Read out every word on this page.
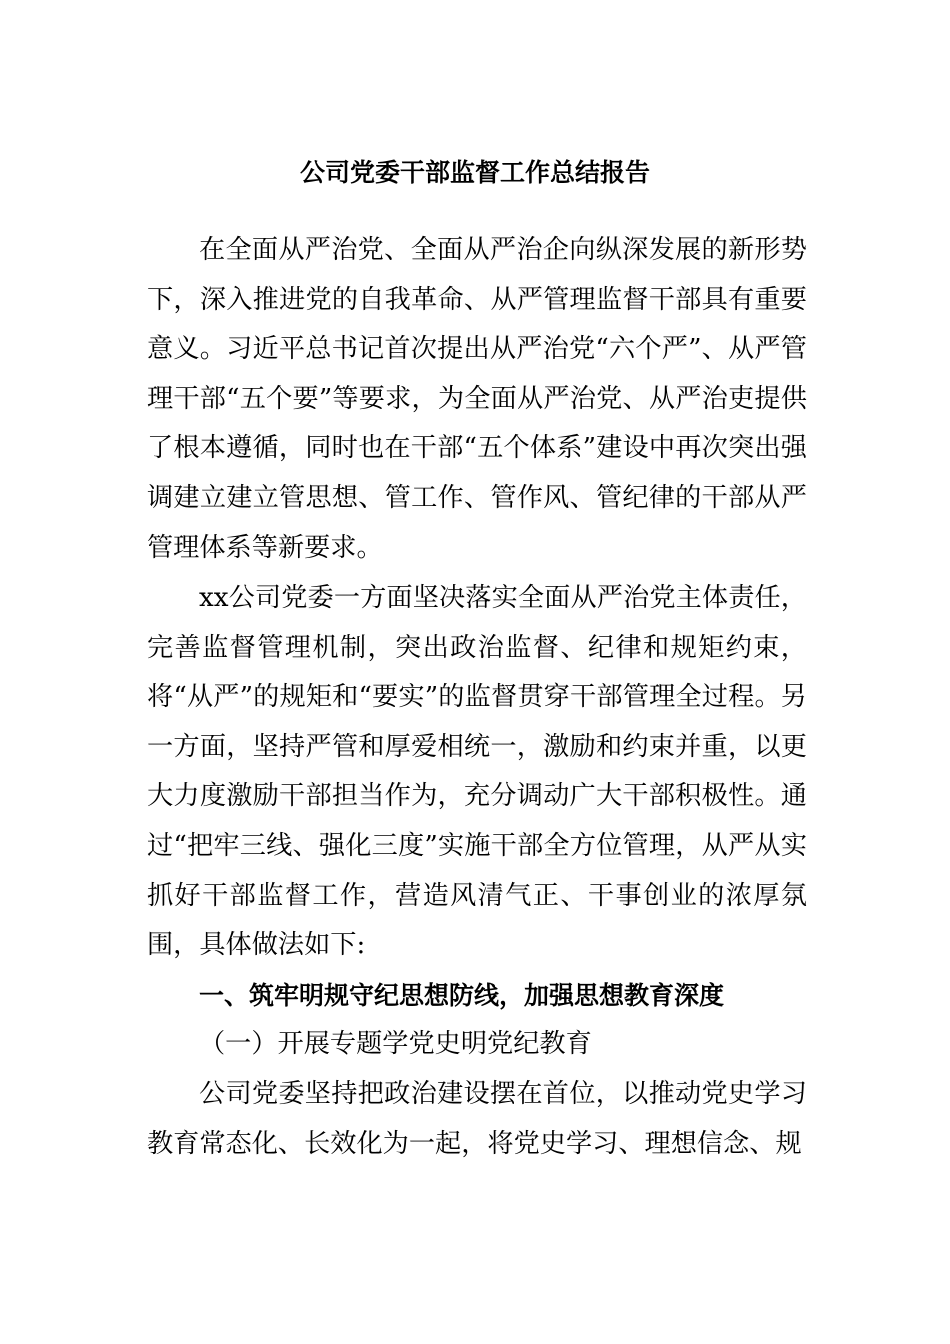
公司党委干部监督工作总结报告

在全面从严治党、全面从严治企向纵深发展的新形势下，深入推进党的自我革命、从严管理监督干部具有重要意义。习近平总书记首次提出从严治党“六个严”、从严管理干部“五个要”等要求，为全面从严治党、从严治吏提供了根本遵循，同时也在干部“五个体系”建设中再次突出强调建立建立管思想、管工作、管作风、管纪律的干部从严管理体系等新要求。

xx公司党委一方面坚决落实全面从严治党主体责任，完善监督管理机制，突出政治监督、纪律和规矩约束，将“从严”的规矩和“要实”的监督贯穿干部管理全过程。另一方面，坚持严管和厚爱相统一，激励和约束并重，以更大力度激励干部担当作为，充分调动广大干部积极性。通过“把牢三线、强化三度”实施干部全方位管理，从严从实抓好干部监督工作，营造风清气正、干事创业的浓厚氛围，具体做法如下:

一、筑牢明规守纪思想防线，加强思想教育深度

（一）开展专题学党史明党纪教育

公司党委坚持把政治建设摆在首位，以推动党史学习教育常态化、长效化为一起，将党史学习、理想信念、规
